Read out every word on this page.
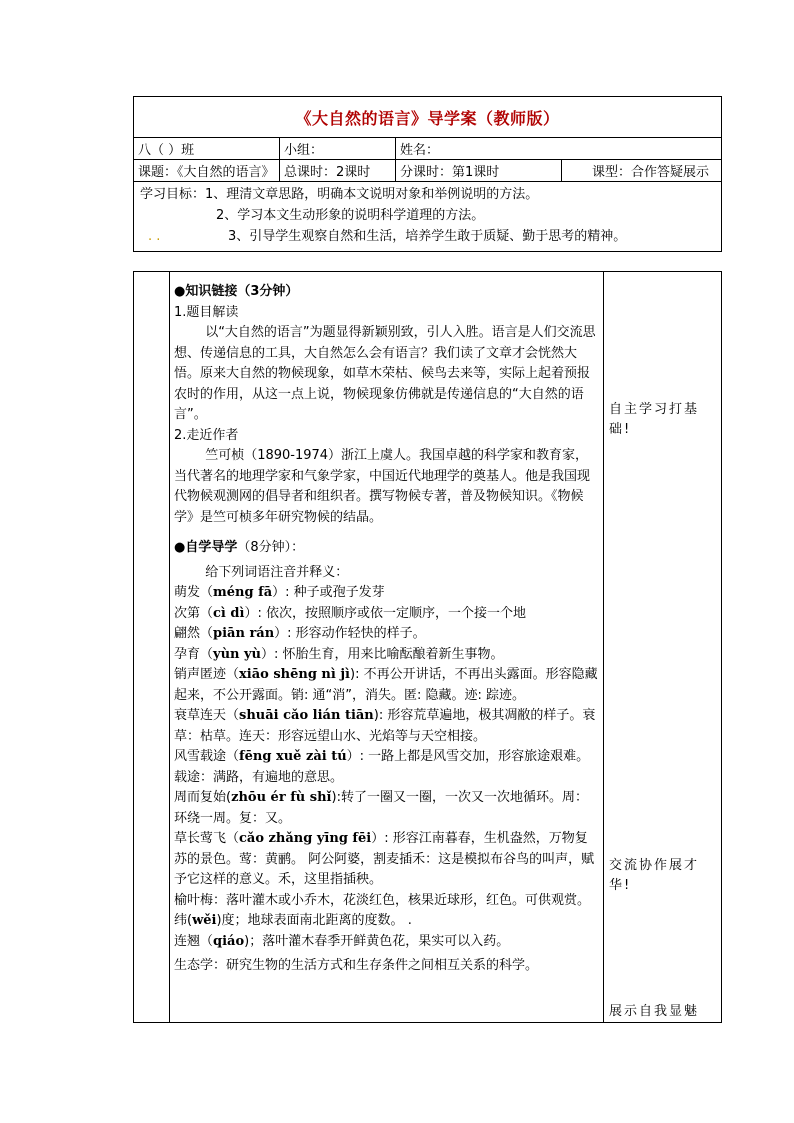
《大自然的语言》导学案（教师版）			
八（ ）班	小组：	姓名：	
课题：《大自然的语言》	总课时：2课时	分课时：第1课时	课型：合作答疑展示

学习目标：1、理清文章思路，明确本文说明对象和举例说明的方法。
2、学习本文生动形象的说明科学道理的方法。
. . 3、引导学生观察自然和生活，培养学生敢于质疑、勤于思考的精神。			

●知识链接（3分钟）
1.题目解读

以“大自然的语言”为题显得新颖别致，引人入胜。语言是人们交流思想、传递信息的工具，大自然怎么会有语言？我们读了文章才会恍然大悟。原来大自然的物候现象，如草木荣枯、候鸟去来等，实际上起着预报农时的作用，从这一点上说，物候现象仿佛就是传递信息的“大自然的语言”。

2.走近作者

竺可桢（1890-1974）浙江上虞人。我国卓越的科学家和教育家，当代著名的地理学家和气象学家，中国近代地理学的奠基人。他是我国现代物候观测网的倡导者和组织者。撰写物候专著，普及物候知识。《物候学》是竺可桢多年研究物候的结晶。

●自学导学（8分钟）：

给下列词语注音并释义：

萌发（méng fā）: 种子或孢子发芽
次第（cì dì）: 依次，按照顺序或依一定顺序，一个接一个地
翩然（piān rán）: 形容动作轻快的样子。
孕育（yùn yù）: 怀胎生育，用来比喻酝酿着新生事物。
销声匿迹（xiāo shēng nì jì): 不再公开讲话，不再出头露面。形容隐藏起来，不公开露面。销: 通“消”，消失。匿: 隐藏。迹: 踪迹。
衰草连天（shuāi cǎo lián tiān): 形容荒草遍地，极其凋敝的样子。衰草：枯草。连天：形容远望山水、光焰等与天空相接。
风雪载途（fēng xuě zài tú）: 一路上都是风雪交加，形容旅途艰难。载途：满路，有遍地的意思。
周而复始(zhōu ér fù shǐ):转了一圈又一圈，一次又一次地循环。周：环绕一周。复：又。
草长莺飞（cǎo zhǎng yīng fēi）: 形容江南暮春，生机盎然，万物复苏的景色。莺：黄鹂。 阿公阿婆，割麦插禾：这是模拟布谷鸟的叫声，赋予它这样的意义。禾，这里指插秧。
榆叶梅：落叶灌木或小乔木，花淡红色，核果近球形，红色。可供观赏。
纬(wěi)度；地球表面南北距离的度数。 .
连翘（qiáo)；落叶灌木春季开鲜黄色花，果实可以入药。
生态学：研究生物的生活方式和生存条件之间相互关系的科学。

自主学习打基础!
交流协作展才华!
展示自我显魅
